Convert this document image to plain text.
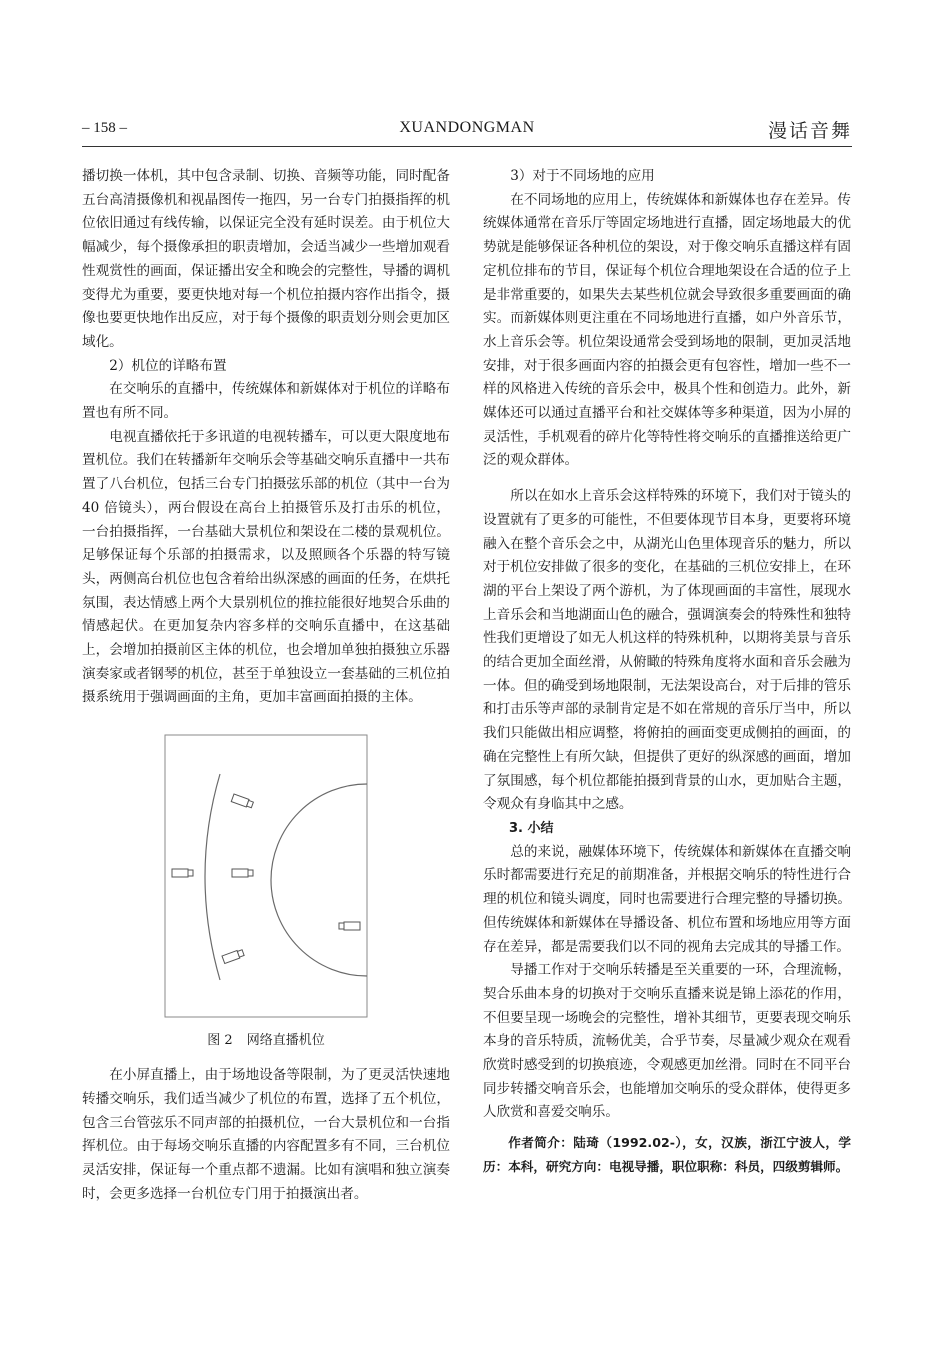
– 158 –	XUANDONGMAN	漫话音舞

播切换一体机，其中包含录制、切换、音频等功能，同时配备五台高清摄像机和视晶图传一拖四，另一台专门拍摄指挥的机位依旧通过有线传输，以保证完全没有延时误差。由于机位大幅减少，每个摄像承担的职责增加，会适当减少一些增加观看性观赏性的画面，保证播出安全和晚会的完整性，导播的调机变得尤为重要，要更快地对每一个机位拍摄内容作出指令，摄像也要更快地作出反应，对于每个摄像的职责划分则会更加区域化。

2）机位的详略布置

在交响乐的直播中，传统媒体和新媒体对于机位的详略布置也有所不同。

电视直播依托于多讯道的电视转播车，可以更大限度地布置机位。我们在转播新年交响乐会等基础交响乐直播中一共布置了八台机位，包括三台专门拍摄弦乐部的机位（其中一台为 40 倍镜头），两台假设在高台上拍摄管乐及打击乐的机位，一台拍摄指挥，一台基础大景机位和架设在二楼的景观机位。足够保证每个乐部的拍摄需求，以及照顾各个乐器的特写镜头，两侧高台机位也包含着给出纵深感的画面的任务，在烘托氛围，表达情感上两个大景别机位的推拉能很好地契合乐曲的情感起伏。在更加复杂内容多样的交响乐直播中，在这基础上，会增加拍摄前区主体的机位，也会增加单独拍摄独立乐器演奏家或者钢琴的机位，甚至于单独设立一套基础的三机位拍摄系统用于强调画面的主角，更加丰富画面拍摄的主体。

图 2 网络直播机位

在小屏直播上，由于场地设备等限制，为了更灵活快速地转播交响乐，我们适当减少了机位的布置，选择了五个机位，包含三台管弦乐不同声部的拍摄机位，一台大景机位和一台指挥机位。由于每场交响乐直播的内容配置多有不同，三台机位灵活安排，保证每一个重点都不遗漏。比如有演唱和独立演奏时，会更多选择一台机位专门用于拍摄演出者。

3）对于不同场地的应用

在不同场地的应用上，传统媒体和新媒体也存在差异。传统媒体通常在音乐厅等固定场地进行直播，固定场地最大的优势就是能够保证各种机位的架设，对于像交响乐直播这样有固定机位排布的节目，保证每个机位合理地架设在合适的位子上是非常重要的，如果失去某些机位就会导致很多重要画面的确实。而新媒体则更注重在不同场地进行直播，如户外音乐节，水上音乐会等。机位架设通常会受到场地的限制，更加灵活地安排，对于很多画面内容的拍摄会更有包容性，增加一些不一样的风格进入传统的音乐会中，极具个性和创造力。此外，新媒体还可以通过直播平台和社交媒体等多种渠道，因为小屏的灵活性，手机观看的碎片化等特性将交响乐的直播推送给更广泛的观众群体。

所以在如水上音乐会这样特殊的环境下，我们对于镜头的设置就有了更多的可能性，不但要体现节目本身，更要将环境融入在整个音乐会之中，从湖光山色里体现音乐的魅力，所以对于机位安排做了很多的变化，在基础的三机位安排上，在环湖的平台上架设了两个游机，为了体现画面的丰富性，展现水上音乐会和当地湖面山色的融合，强调演奏会的特殊性和独特性我们更增设了如无人机这样的特殊机种，以期将美景与音乐的结合更加全面丝滑，从俯瞰的特殊角度将水面和音乐会融为一体。但的确受到场地限制，无法架设高台，对于后排的管乐和打击乐等声部的录制肯定是不如在常规的音乐厅当中，所以我们只能做出相应调整，将俯拍的画面变更成侧拍的画面，的确在完整性上有所欠缺，但提供了更好的纵深感的画面，增加了氛围感，每个机位都能拍摄到背景的山水，更加贴合主题，令观众有身临其中之感。

3. 小结

总的来说，融媒体环境下，传统媒体和新媒体在直播交响乐时都需要进行充足的前期准备，并根据交响乐的特性进行合理的机位和镜头调度，同时也需要进行合理完整的导播切换。但传统媒体和新媒体在导播设备、机位布置和场地应用等方面存在差异，都是需要我们以不同的视角去完成其的导播工作。

导播工作对于交响乐转播是至关重要的一环，合理流畅，契合乐曲本身的切换对于交响乐直播来说是锦上添花的作用，不但要呈现一场晚会的完整性，增补其细节，更要表现交响乐本身的音乐特质，流畅优美，合乎节奏，尽量减少观众在观看欣赏时感受到的切换痕迹，令观感更加丝滑。同时在不同平台同步转播交响音乐会，也能增加交响乐的受众群体，使得更多人欣赏和喜爱交响乐。

作者简介：陆琦（1992.02-），女，汉族，浙江宁波人，学历：本科，研究方向：电视导播，职位职称：科员，四级剪辑师。
